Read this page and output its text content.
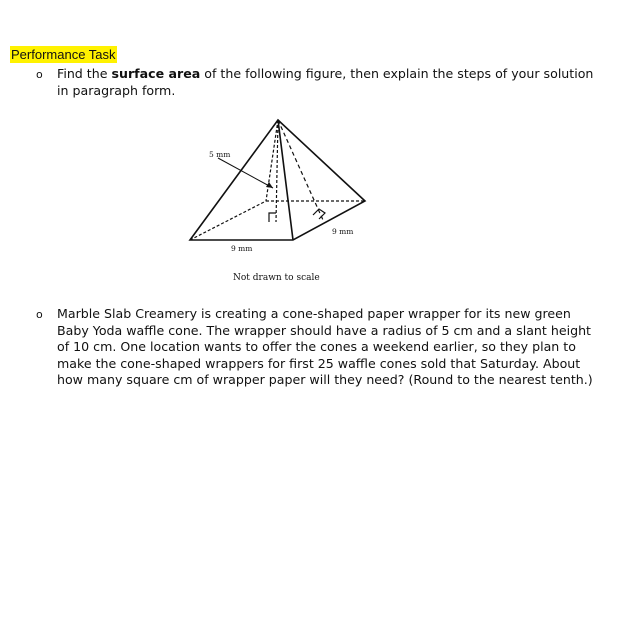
Performance Task
o Find the surface area of the following figure, then explain the steps of your solution in paragraph form.
5 mm
9 mm
9 mm
Not drawn to scale
o Marble Slab Creamery is creating a cone-shaped paper wrapper for its new green Baby Yoda waffle cone. The wrapper should have a radius of 5 cm and a slant height of 10 cm. One location wants to offer the cones a weekend earlier, so they plan to make the cone-shaped wrappers for first 25 waffle cones sold that Saturday. About how many square cm of wrapper paper will they need? (Round to the nearest tenth.)
